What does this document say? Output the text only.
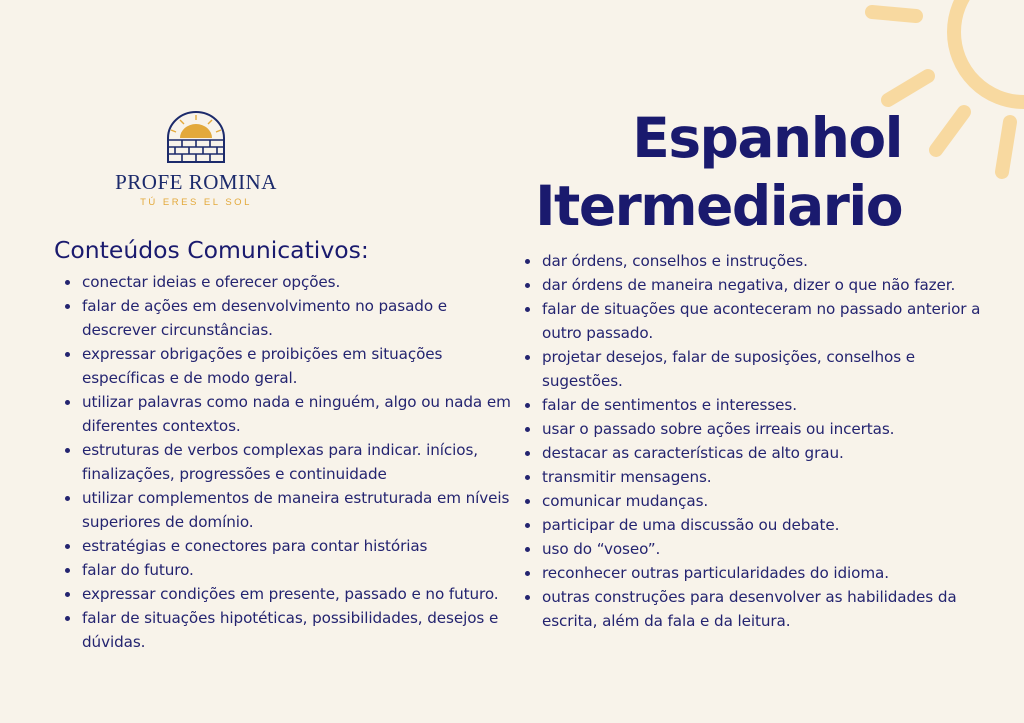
PROFE ROMINA
TÚ ERES EL SOL
Espanhol
Itermediario
Conteúdos Comunicativos:
conectar ideias e oferecer opções.
falar de ações em desenvolvimento no pasado e descrever circunstâncias.
expressar obrigações e proibições em situações específicas e de modo geral.
utilizar palavras como nada e ninguém, algo ou nada em diferentes contextos.
estruturas de verbos complexas para indicar. inícios, finalizações, progressões e continuidade
utilizar complementos de maneira estruturada em níveis superiores de domínio.
estratégias e conectores para contar histórias
falar do futuro.
expressar condições em presente, passado e no futuro.
falar de situações hipotéticas, possibilidades, desejos e dúvidas.
dar órdens, conselhos e instruções.
dar órdens de maneira negativa, dizer o que não fazer.
falar de situações que aconteceram no passado anterior a outro passado.
projetar desejos, falar de suposições, conselhos e sugestões.
falar de sentimentos e interesses.
usar o passado sobre ações irreais ou incertas.
destacar as características de alto grau.
transmitir mensagens.
comunicar mudanças.
participar de uma discussão ou debate.
uso do “voseo”.
reconhecer outras particularidades do idioma.
outras construções para desenvolver as habilidades da escrita, além da fala e da leitura.
